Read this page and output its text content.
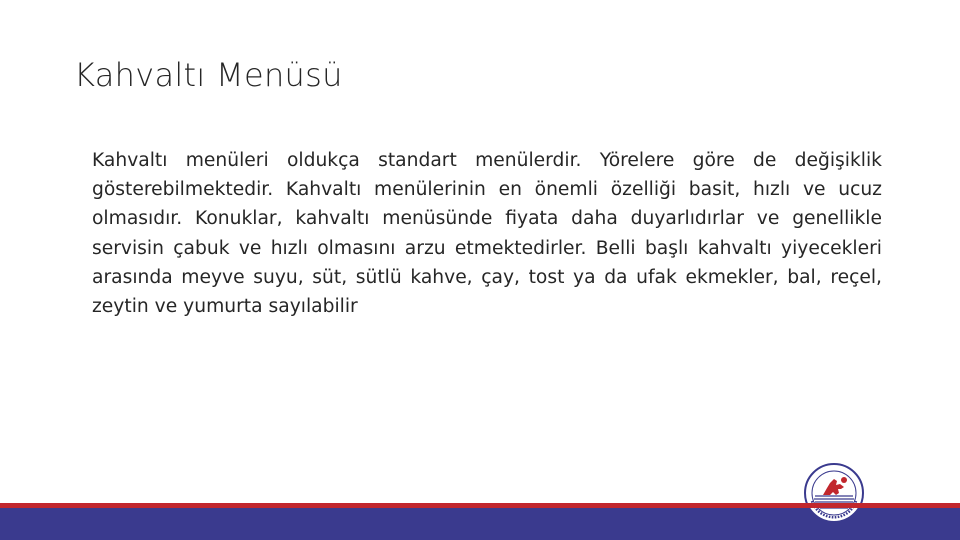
Kahvaltı Menüsü

Kahvaltı menüleri oldukça standart menülerdir. Yörelere göre de değişiklik gösterebilmektedir. Kahvaltı menülerinin en önemli özelliği basit, hızlı ve ucuz olmasıdır. Konuklar, kahvaltı menüsünde fiyata daha duyarlıdırlar ve genellikle servisin çabuk ve hızlı olmasını arzu etmektedirler. Belli başlı kahvaltı yiyecekleri arasında meyve suyu, süt, sütlü kahve, çay, tost ya da ufak ekmekler, bal, reçel, zeytin ve yumurta sayılabilir
